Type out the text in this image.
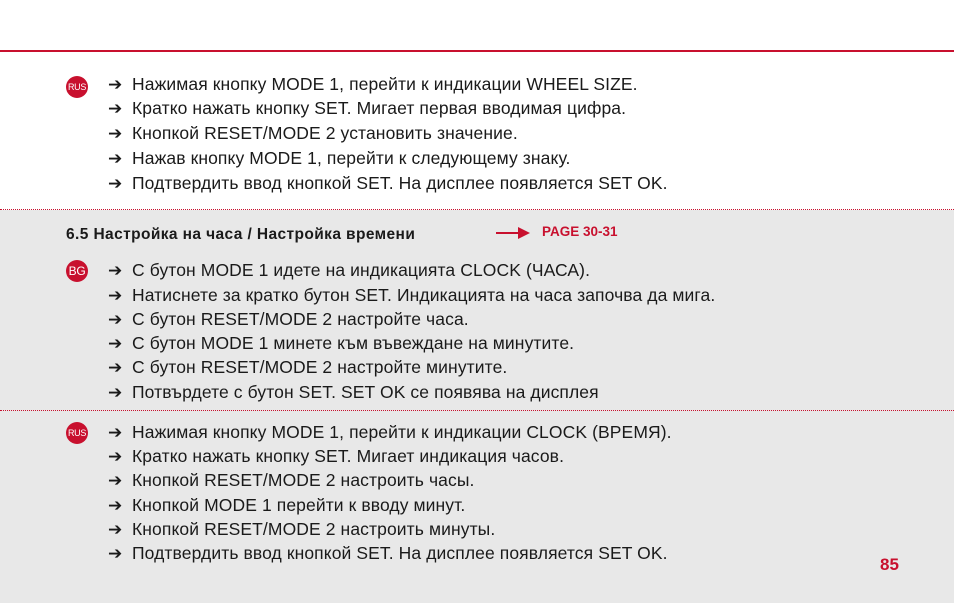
RUS ➔ Нажимая кнопку MODE 1, перейти к индикации WHEEL SIZE.
➔ Кратко нажать кнопку SET. Мигает первая вводимая цифра.
➔ Кнопкой RESET/MODE 2 установить значение.
➔ Нажав кнопку MODE 1, перейти к следующему знаку.
➔ Подтвердить ввод кнопкой SET. На дисплее появляется SET OK.
6.5 Настройка на часа / Настройка времени	PAGE 30-31
BG ➔ С бутон MODE 1 идете на индикацията CLOCK (ЧАСА).
➔ Натиснете за кратко бутон SET. Индикацията на часа започва да мига.
➔ С бутон RESET/MODE 2 настройте часа.
➔ С бутон MODE 1 минете към въвеждане на минутите.
➔ С бутон RESET/MODE 2 настройте минутите.
➔ Потвърдете с бутон SET. SET OK се появява на дисплея
RUS ➔ Нажимая кнопку MODE 1, перейти к индикации CLOCK (ВРЕМЯ).
➔ Кратко нажать кнопку SET. Мигает индикация часов.
➔ Кнопкой RESET/MODE 2 настроить часы.
➔ Кнопкой MODE 1 перейти к вводу минут.
➔ Кнопкой RESET/MODE 2 настроить минуты.
➔ Подтвердить ввод кнопкой SET. На дисплее появляется SET OK.
85
